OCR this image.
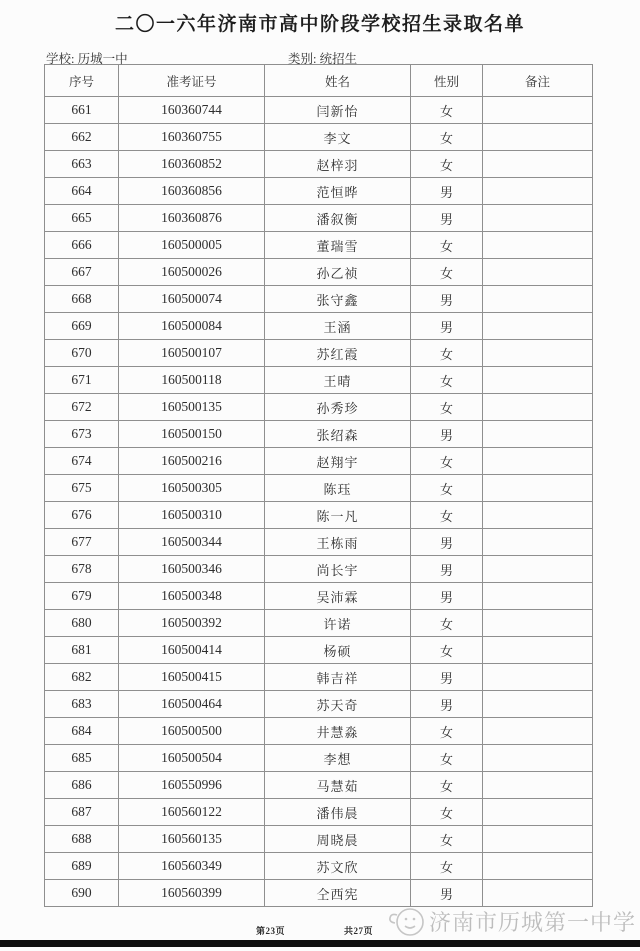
二〇一六年济南市高中阶段学校招生录取名单
学校: 历城一中	类别: 统招生
序号	准考证号	姓名	性别	备注
661	160360744	闫新怡	女	
662	160360755	李文	女	
663	160360852	赵梓羽	女	
664	160360856	范恒晔	男	
665	160360876	潘叙衡	男	
666	160500005	董瑞雪	女	
667	160500026	孙乙祯	女	
668	160500074	张守鑫	男	
669	160500084	王涵	男	
670	160500107	苏红霞	女	
671	160500118	王晴	女	
672	160500135	孙秀珍	女	
673	160500150	张绍森	男	
674	160500216	赵翔宇	女	
675	160500305	陈珏	女	
676	160500310	陈一凡	女	
677	160500344	王栋雨	男	
678	160500346	尚长宇	男	
679	160500348	吴沛霖	男	
680	160500392	许诺	女	
681	160500414	杨硕	女	
682	160500415	韩吉祥	男	
683	160500464	苏天奇	男	
684	160500500	井慧淼	女	
685	160500504	李想	女	
686	160550996	马慧茹	女	
687	160560122	潘伟晨	女	
688	160560135	周晓晨	女	
689	160560349	苏文欣	女	
690	160560399	仝西宪	男	
第23页	共27页	济南市历城第一中学
